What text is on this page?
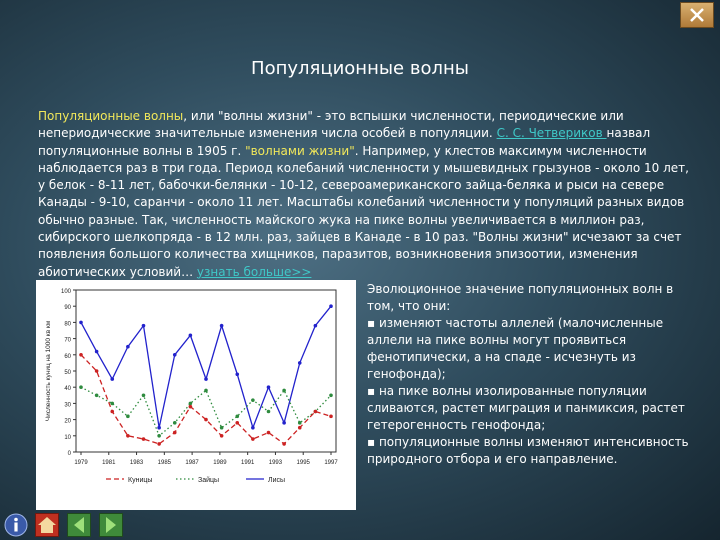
Популяционные волны

Популяционные волны, или "волны жизни" - это вспышки численности, периодические или непериодические значительные изменения числа особей в популяции. С. С. Четвериков назвал популяционные волны в 1905 г. "волнами жизни". Например, у клестов максимум численности наблюдается раз в три года. Период колебаний численности у мышевидных грызунов - около 10 лет, у белок - 8-11 лет, бабочки-белянки - 10-12, североамериканского зайца-беляка и рыси на севере Канады - 9-10, саранчи - около 11 лет. Масштабы колебаний численности у популяций разных видов обычно разные. Так, численность майского жука на пике волны увеличивается в миллион раз, сибирского шелкопряда - в 12 млн. раз, зайцев в Канаде - в 10 раз. "Волны жизни" исчезают за счет появления большого количества хищников, паразитов, возникновения эпизоотии, изменения абиотических условий… узнать больше>>

0
10
20
30
40
50
60
70
80
90
100
1979 1981 1983 1985 1987 1989 1991 1993 1995 1997
Численность куниц на 1000 кв км
Куницы	Зайцы	Лисы
Эволюционное значение популяционных волн в том, что они:
▪ изменяют частоты аллелей (малочисленные аллели на пике волны могут проявиться фенотипически, а на спаде - исчезнуть из генофонда);
▪ на пике волны изолированные популяции сливаются, растет миграция и панмиксия, растет гетерогенность генофонда;
▪ популяционные волны изменяют интенсивность природного отбора и его направление.
